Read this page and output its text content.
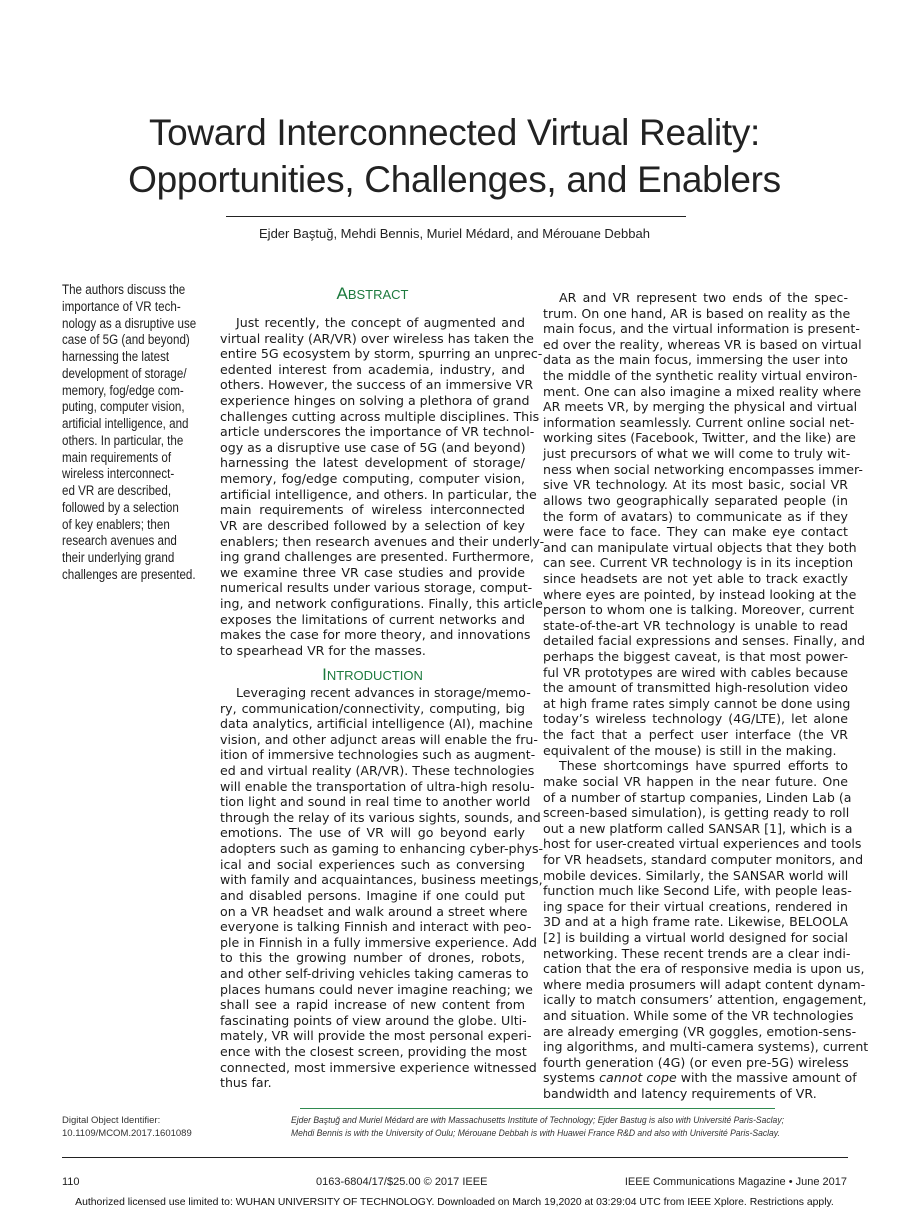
Toward Interconnected Virtual Reality:
Opportunities, Challenges, and Enablers
Ejder Baştuğ, Mehdi Bennis, Muriel Médard, and Mérouane Debbah
The authors discuss the
importance of VR tech-
nology as a disruptive use
case of 5G (and beyond)
harnessing the latest
development of storage/
memory, fog/edge com-
puting, computer vision,
artificial intelligence, and
others. In particular, the
main requirements of
wireless interconnect-
ed VR are described,
followed by a selection
of key enablers; then
research avenues and
their underlying grand
challenges are presented.
ABSTRACT
Just recently, the concept of augmented and
virtual reality (AR/VR) over wireless has taken the
entire 5G ecosystem by storm, spurring an unprec-
edented interest from academia, industry, and
others. However, the success of an immersive VR
experience hinges on solving a plethora of grand
challenges cutting across multiple disciplines. This
article underscores the importance of VR technol-
ogy as a disruptive use case of 5G (and beyond)
harnessing the latest development of storage/
memory, fog/edge computing, computer vision,
artificial intelligence, and others. In particular, the
main requirements of wireless interconnected
VR are described followed by a selection of key
enablers; then research avenues and their underly-
ing grand challenges are presented. Furthermore,
we examine three VR case studies and provide
numerical results under various storage, comput-
ing, and network configurations. Finally, this article
exposes the limitations of current networks and
makes the case for more theory, and innovations
to spearhead VR for the masses.
INTRODUCTION
Leveraging recent advances in storage/memo-
ry, communication/connectivity, computing, big
data analytics, artificial intelligence (AI), machine
vision, and other adjunct areas will enable the fru-
ition of immersive technologies such as augment-
ed and virtual reality (AR/VR). These technologies
will enable the transportation of ultra-high resolu-
tion light and sound in real time to another world
through the relay of its various sights, sounds, and
emotions. The use of VR will go beyond early
adopters such as gaming to enhancing cyber-phys-
ical and social experiences such as conversing
with family and acquaintances, business meetings,
and disabled persons. Imagine if one could put
on a VR headset and walk around a street where
everyone is talking Finnish and interact with peo-
ple in Finnish in a fully immersive experience. Add
to this the growing number of drones, robots,
and other self-driving vehicles taking cameras to
places humans could never imagine reaching; we
shall see a rapid increase of new content from
fascinating points of view around the globe. Ulti-
mately, VR will provide the most personal experi-
ence with the closest screen, providing the most
connected, most immersive experience witnessed
thus far.
AR and VR represent two ends of the spec-
trum. On one hand, AR is based on reality as the
main focus, and the virtual information is present-
ed over the reality, whereas VR is based on virtual
data as the main focus, immersing the user into
the middle of the synthetic reality virtual environ-
ment. One can also imagine a mixed reality where
AR meets VR, by merging the physical and virtual
information seamlessly. Current online social net-
working sites (Facebook, Twitter, and the like) are
just precursors of what we will come to truly wit-
ness when social networking encompasses immer-
sive VR technology. At its most basic, social VR
allows two geographically separated people (in
the form of avatars) to communicate as if they
were face to face. They can make eye contact
and can manipulate virtual objects that they both
can see. Current VR technology is in its inception
since headsets are not yet able to track exactly
where eyes are pointed, by instead looking at the
person to whom one is talking. Moreover, current
state-of-the-art VR technology is unable to read
detailed facial expressions and senses. Finally, and
perhaps the biggest caveat, is that most power-
ful VR prototypes are wired with cables because
the amount of transmitted high-resolution video
at high frame rates simply cannot be done using
today’s wireless technology (4G/LTE), let alone
the fact that a perfect user interface (the VR
equivalent of the mouse) is still in the making.
These shortcomings have spurred efforts to
make social VR happen in the near future. One
of a number of startup companies, Linden Lab (a
screen-based simulation), is getting ready to roll
out a new platform called SANSAR [1], which is a
host for user-created virtual experiences and tools
for VR headsets, standard computer monitors, and
mobile devices. Similarly, the SANSAR world will
function much like Second Life, with people leas-
ing space for their virtual creations, rendered in
3D and at a high frame rate. Likewise, BELOOLA
[2] is building a virtual world designed for social
networking. These recent trends are a clear indi-
cation that the era of responsive media is upon us,
where media prosumers will adapt content dynam-
ically to match consumers’ attention, engagement,
and situation. While some of the VR technologies
are already emerging (VR goggles, emotion-sens-
ing algorithms, and multi-camera systems), current
fourth generation (4G) (or even pre-5G) wireless
systems cannot cope with the massive amount of
bandwidth and latency requirements of VR.
Digital Object Identifier:
10.1109/MCOM.2017.1601089
Ejder Baştuğ and Muriel Médard are with Massachusetts Institute of Technology; Ejder Bastug is also with Université Paris-Saclay;
Mehdi Bennis is with the University of Oulu; Mérouane Debbah is with Huawei France R&D and also with Université Paris-Saclay.
110	0163-6804/17/$25.00 © 2017 IEEE	IEEE Communications Magazine • June 2017
Authorized licensed use limited to: WUHAN UNIVERSITY OF TECHNOLOGY. Downloaded on March 19,2020 at 03:29:04 UTC from IEEE Xplore. Restrictions apply.
